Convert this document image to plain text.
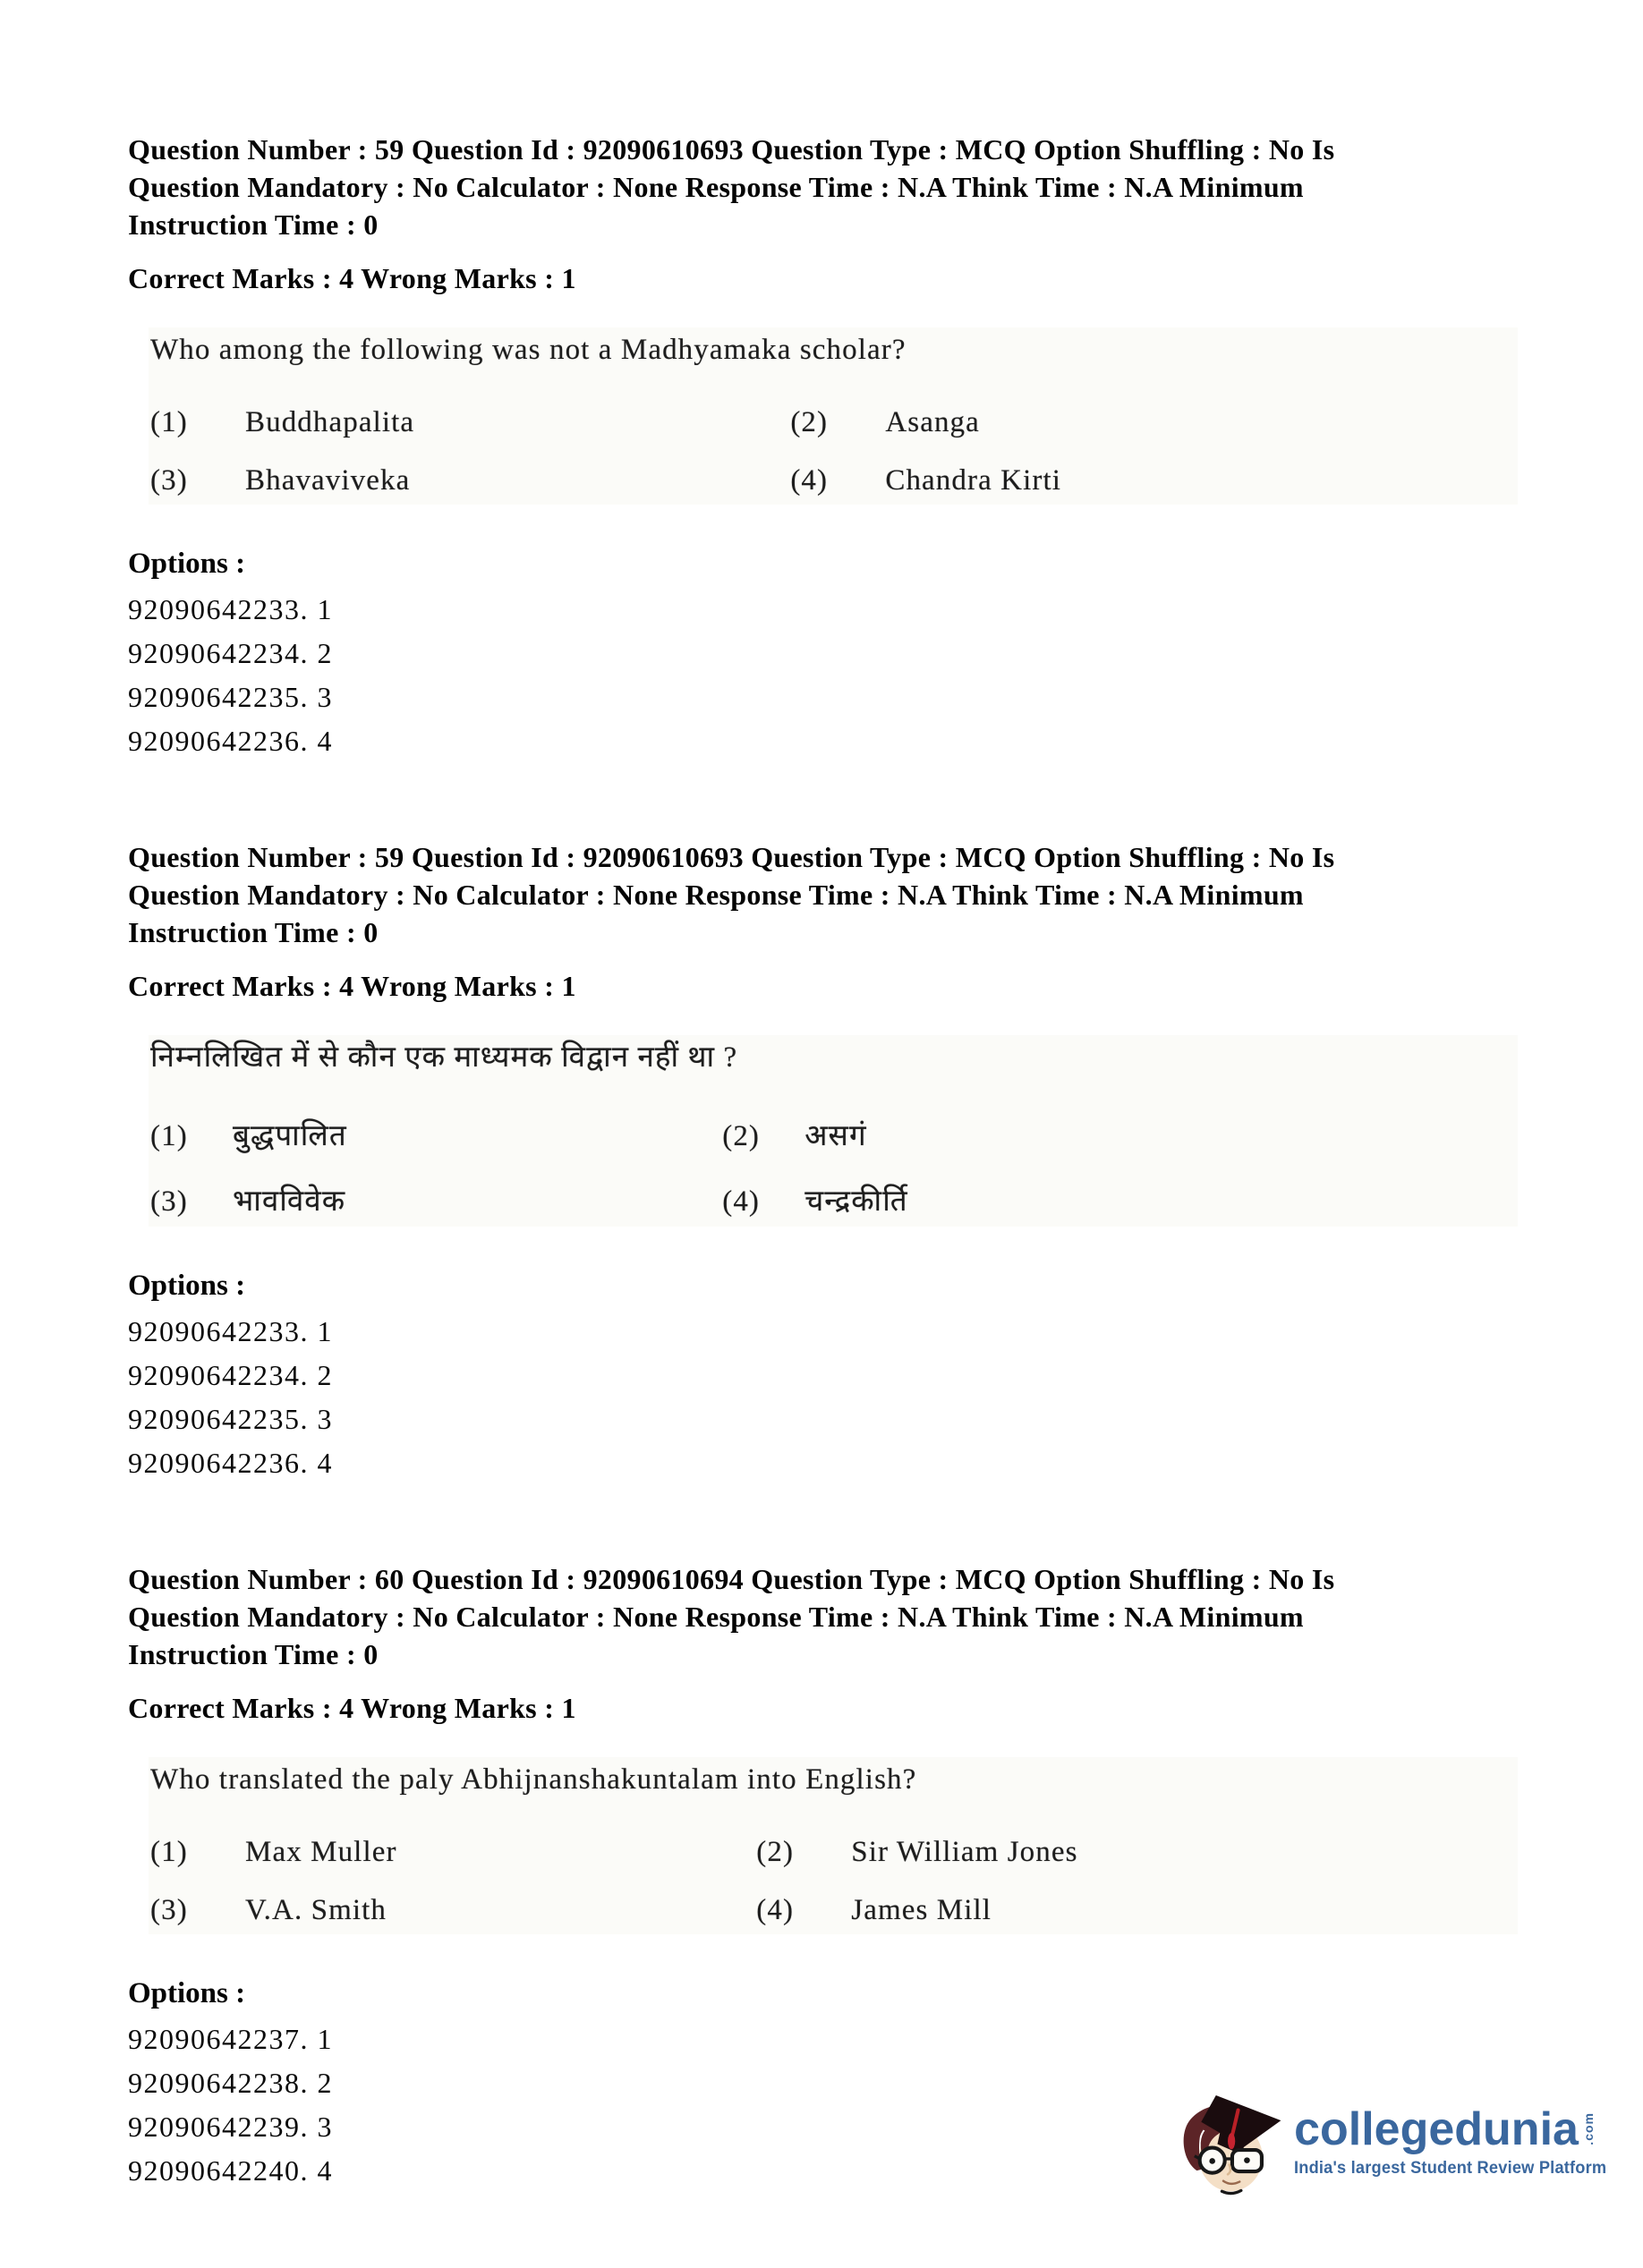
Question Number : 59 Question Id : 92090610693 Question Type : MCQ Option Shuffling : No Is
Question Mandatory : No Calculator : None Response Time : N.A Think Time : N.A Minimum
Instruction Time : 0
Correct Marks : 4 Wrong Marks : 1
Who among the following was not a Madhyamaka scholar?
(1)	Buddhapalita	(2)	Asanga
(3)	Bhavaviveka	(4)	Chandra Kirti
Options :
92090642233. 1
92090642234. 2
92090642235. 3
92090642236. 4
Question Number : 59 Question Id : 92090610693 Question Type : MCQ Option Shuffling : No Is
Question Mandatory : No Calculator : None Response Time : N.A Think Time : N.A Minimum
Instruction Time : 0
Correct Marks : 4 Wrong Marks : 1
निम्नलिखित में से कौन एक माध्यमक विद्वान नहीं था ?
(1)	बुद्धपालित	(2)	असगं
(3)	भावविवेक	(4)	चन्द्रकीर्ति
Options :
92090642233. 1
92090642234. 2
92090642235. 3
92090642236. 4
Question Number : 60 Question Id : 92090610694 Question Type : MCQ Option Shuffling : No Is
Question Mandatory : No Calculator : None Response Time : N.A Think Time : N.A Minimum
Instruction Time : 0
Correct Marks : 4 Wrong Marks : 1
Who translated the paly Abhijnanshakuntalam into English?
(1)	Max Muller	(2)	Sir William Jones
(3)	V.A. Smith	(4)	James Mill
Options :
92090642237. 1
92090642238. 2
92090642239. 3
92090642240. 4
collegedunia .com
India's largest Student Review Platform
